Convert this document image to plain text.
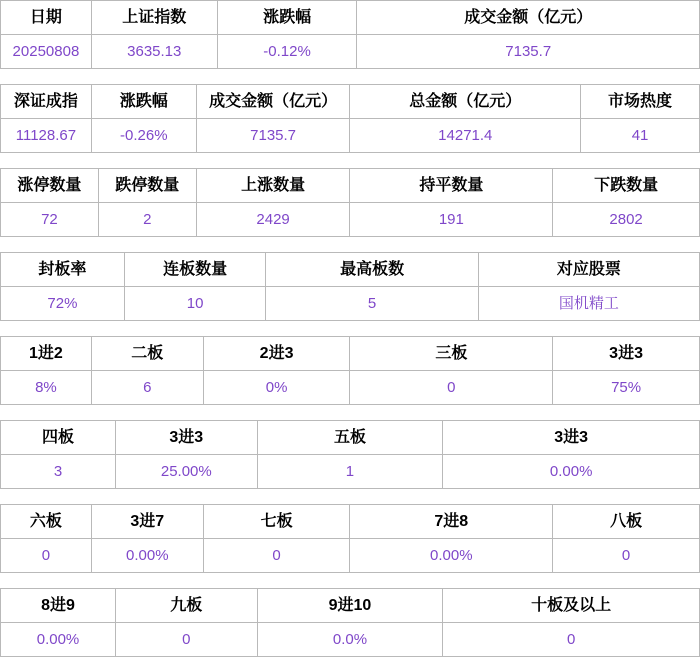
日期	上证指数	涨跌幅	成交金额（亿元）
20250808	3635.13	-0.12%	7135.7
深证成指	涨跌幅	成交金额（亿元）	总金额（亿元）	市场热度
11128.67	-0.26%	7135.7	14271.4	41
涨停数量	跌停数量	上涨数量	持平数量	下跌数量
72	2	2429	191	2802
封板率	连板数量	最高板数	对应股票
72%	10	5	国机精工
1进2	二板	2进3	三板	3进3
8%	6	0%	0	75%
四板	3进3	五板	3进3
3	25.00%	1	0.00%
六板	3进7	七板	7进8	八板
0	0.00%	0	0.00%	0
8进9	九板	9进10	十板及以上
0.00%	0	0.0%	0
